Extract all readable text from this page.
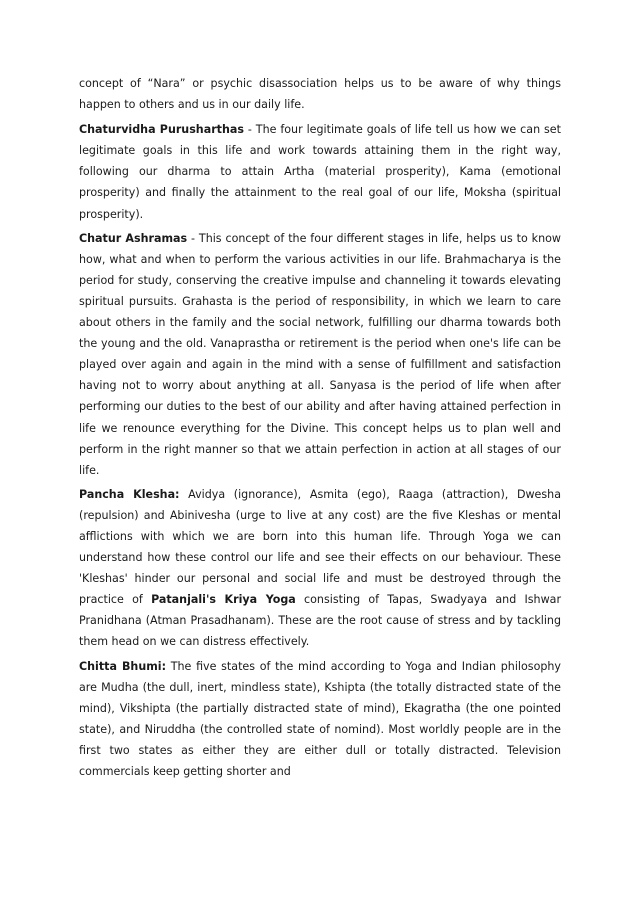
concept of “Nara” or psychic disassociation helps us to be aware of why things happen to others and us in our daily life.

Chaturvidha Purusharthas - The four legitimate goals of life tell us how we can set legitimate goals in this life and work towards attaining them in the right way, following our dharma to attain Artha (material prosperity), Kama (emotional prosperity) and finally the attainment to the real goal of our life, Moksha (spiritual prosperity).

Chatur Ashramas - This concept of the four different stages in life, helps us to know how, what and when to perform the various activities in our life. Brahmacharya is the period for study, conserving the creative impulse and channeling it towards elevating spiritual pursuits. Grahasta is the period of responsibility, in which we learn to care about others in the family and the social network, fulfilling our dharma towards both the young and the old. Vanaprastha or retirement is the period when one's life can be played over again and again in the mind with a sense of fulfillment and satisfaction having not to worry about anything at all. Sanyasa is the period of life when after performing our duties to the best of our ability and after having attained perfection in life we renounce everything for the Divine. This concept helps us to plan well and perform in the right manner so that we attain perfection in action at all stages of our life.

Pancha Klesha: Avidya (ignorance), Asmita (ego), Raaga (attraction), Dwesha (repulsion) and Abinivesha (urge to live at any cost) are the five Kleshas or mental afflictions with which we are born into this human life. Through Yoga we can understand how these control our life and see their effects on our behaviour. These 'Kleshas' hinder our personal and social life and must be destroyed through the practice of Patanjali's Kriya Yoga consisting of Tapas, Swadyaya and Ishwar Pranidhana (Atman Prasadhanam). These are the root cause of stress and by tackling them head on we can distress effectively.

Chitta Bhumi: The five states of the mind according to Yoga and Indian philosophy are Mudha (the dull, inert, mindless state), Kshipta (the totally distracted state of the mind), Vikshipta (the partially distracted state of mind), Ekagratha (the one pointed state), and Niruddha (the controlled state of nomind). Most worldly people are in the first two states as either they are either dull or totally distracted. Television commercials keep getting shorter and
